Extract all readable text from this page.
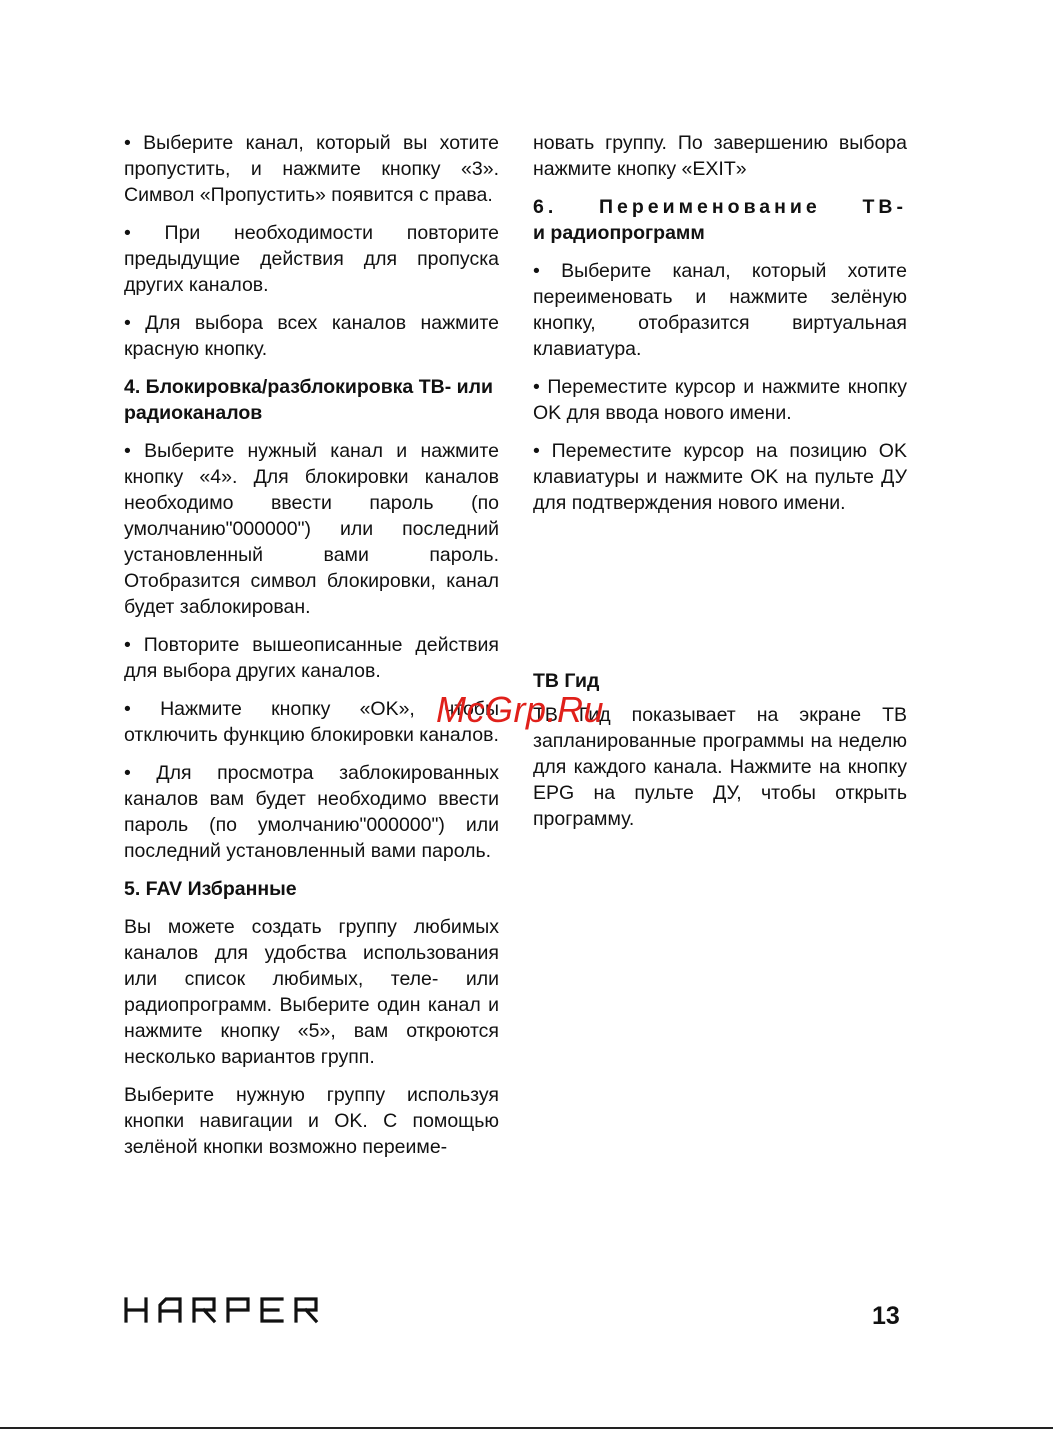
• Выберите канал, который вы хотите пропустить, и нажмите кнопку «3». Символ «Пропустить» появится с права.

• При необходимости повторите предыдущие действия для пропуска других каналов.

• Для выбора всех каналов нажмите красную кнопку.

4. Блокировка/разблокировка ТВ- или радиоканалов

• Выберите нужный канал и нажмите кнопку «4». Для блокировки каналов необходимо ввести пароль (по умолчанию"000000") или последний установленный вами пароль. Отобразится символ блокировки, канал будет заблокирован.

• Повторите вышеописанные действия для выбора других каналов.

• Нажмите кнопку «OK», чтобы отключить функцию блокировки каналов.

• Для просмотра заблокированных каналов вам будет необходимо ввести пароль (по умолчанию"000000") или последний установленный вами пароль.

5. FAV Избранные

Вы можете создать группу любимых каналов для удобства использования или список любимых, теле- или радиопрограмм. Выберите один канал и нажмите кнопку «5», вам откроются несколько вариантов групп.

Выберите нужную группу используя кнопки навигации и OK. С помощью зелёной кнопки возможно переиме-

новать группу. По завершению выбора нажмите кнопку «EXIT»

6. Переименование ТВ-
и радиопрограмм

• Выберите канал, который хотите переименовать и нажмите зелёную кнопку, отобразится виртуальная клавиатура.

• Переместите курсор и нажмите кнопку OK для ввода нового имени.

• Переместите курсор на позицию OK клавиатуры и нажмите OK на пульте ДУ для подтверждения нового имени.

ТВ Гид

ТВ Гид показывает на экране ТВ запланированные программы на неделю для каждого канала. Нажмите на кнопку EPG на пульте ДУ, чтобы открыть программу.

McGrp.Ru
13
